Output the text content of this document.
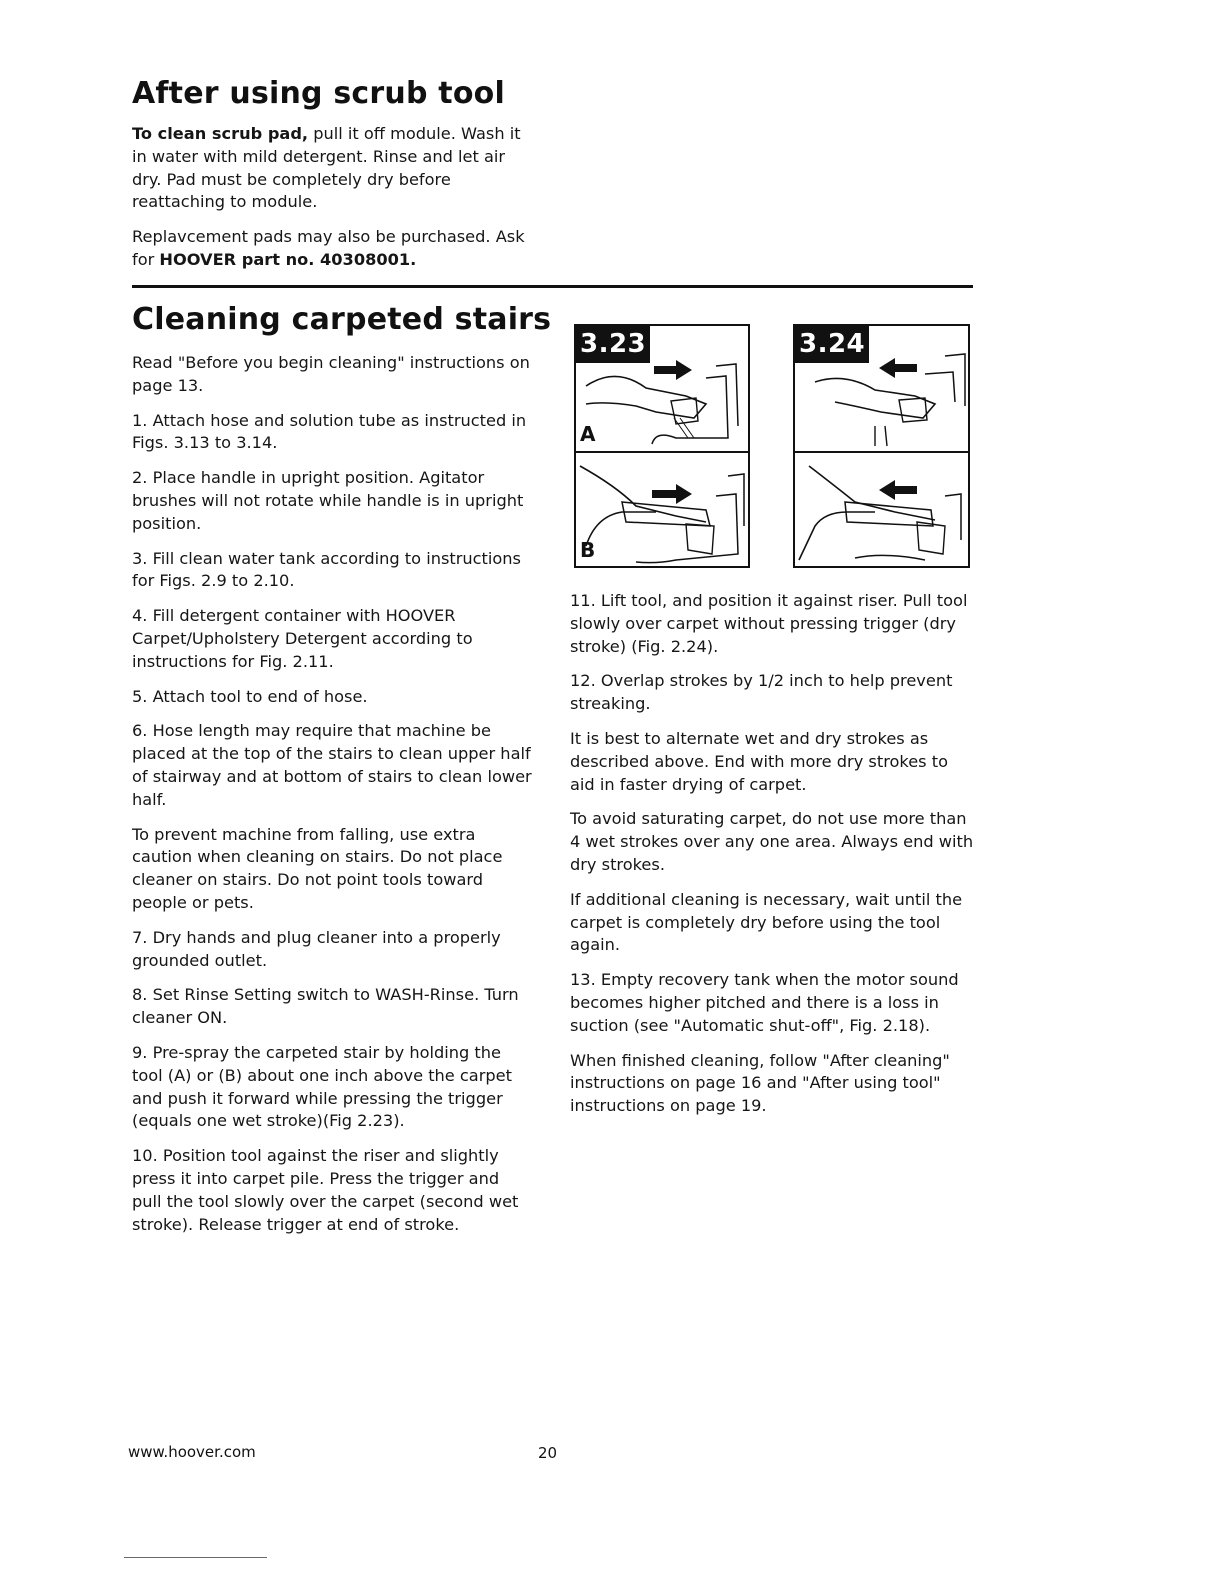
After using scrub tool

To clean scrub pad, pull it off module. Wash it in water with mild detergent. Rinse and let air dry. Pad must be completely dry before reattaching to module.

Replavcement pads may also be purchased. Ask for HOOVER part no. 40308001.

Cleaning carpeted stairs

Read "Before you begin cleaning" instructions on page 13.

1. Attach hose and solution tube as instructed in Figs. 3.13 to 3.14.

2. Place handle in upright position. Agitator brushes will not rotate while handle is in upright position.

3. Fill clean water tank according to instructions for Figs. 2.9 to 2.10.

4. Fill detergent container with HOOVER Carpet/Upholstery Detergent according to instructions for Fig. 2.11.

5. Attach tool to end of hose.

6. Hose length may require that machine be placed at the top of the stairs to clean upper half of stairway and at bottom of stairs to clean lower half.

To prevent machine from falling, use extra caution when cleaning on stairs. Do not place cleaner on stairs. Do not point tools toward people or pets.

7. Dry hands and plug cleaner into a properly grounded outlet.

8. Set Rinse Setting switch to WASH-Rinse. Turn cleaner ON.

9. Pre-spray the carpeted stair by holding the tool (A) or (B) about one inch above the carpet and push it forward while pressing the trigger (equals one wet stroke)(Fig 2.23).

10. Position tool against the riser and slightly press it into carpet pile. Press the trigger and pull the tool slowly over the carpet (second wet stroke). Release trigger at end of stroke.

3.23
A
B
3.24

11. Lift tool, and position it against riser. Pull tool slowly over carpet without pressing trigger (dry stroke) (Fig. 2.24).

12. Overlap strokes by 1/2 inch to help prevent streaking.

It is best to alternate wet and dry strokes as described above. End with more dry strokes to aid in faster drying of carpet.

To avoid saturating carpet, do not use more than 4 wet strokes over any one area. Always end with dry strokes.

If additional cleaning is necessary, wait until the carpet is completely dry before using the tool again.

13. Empty recovery tank when the motor sound becomes higher pitched and there is a loss in suction (see "Automatic shut-off", Fig. 2.18).

When finished cleaning, follow "After cleaning" instructions on page 16 and "After using tool" instructions on page 19.

www.hoover.com	20
